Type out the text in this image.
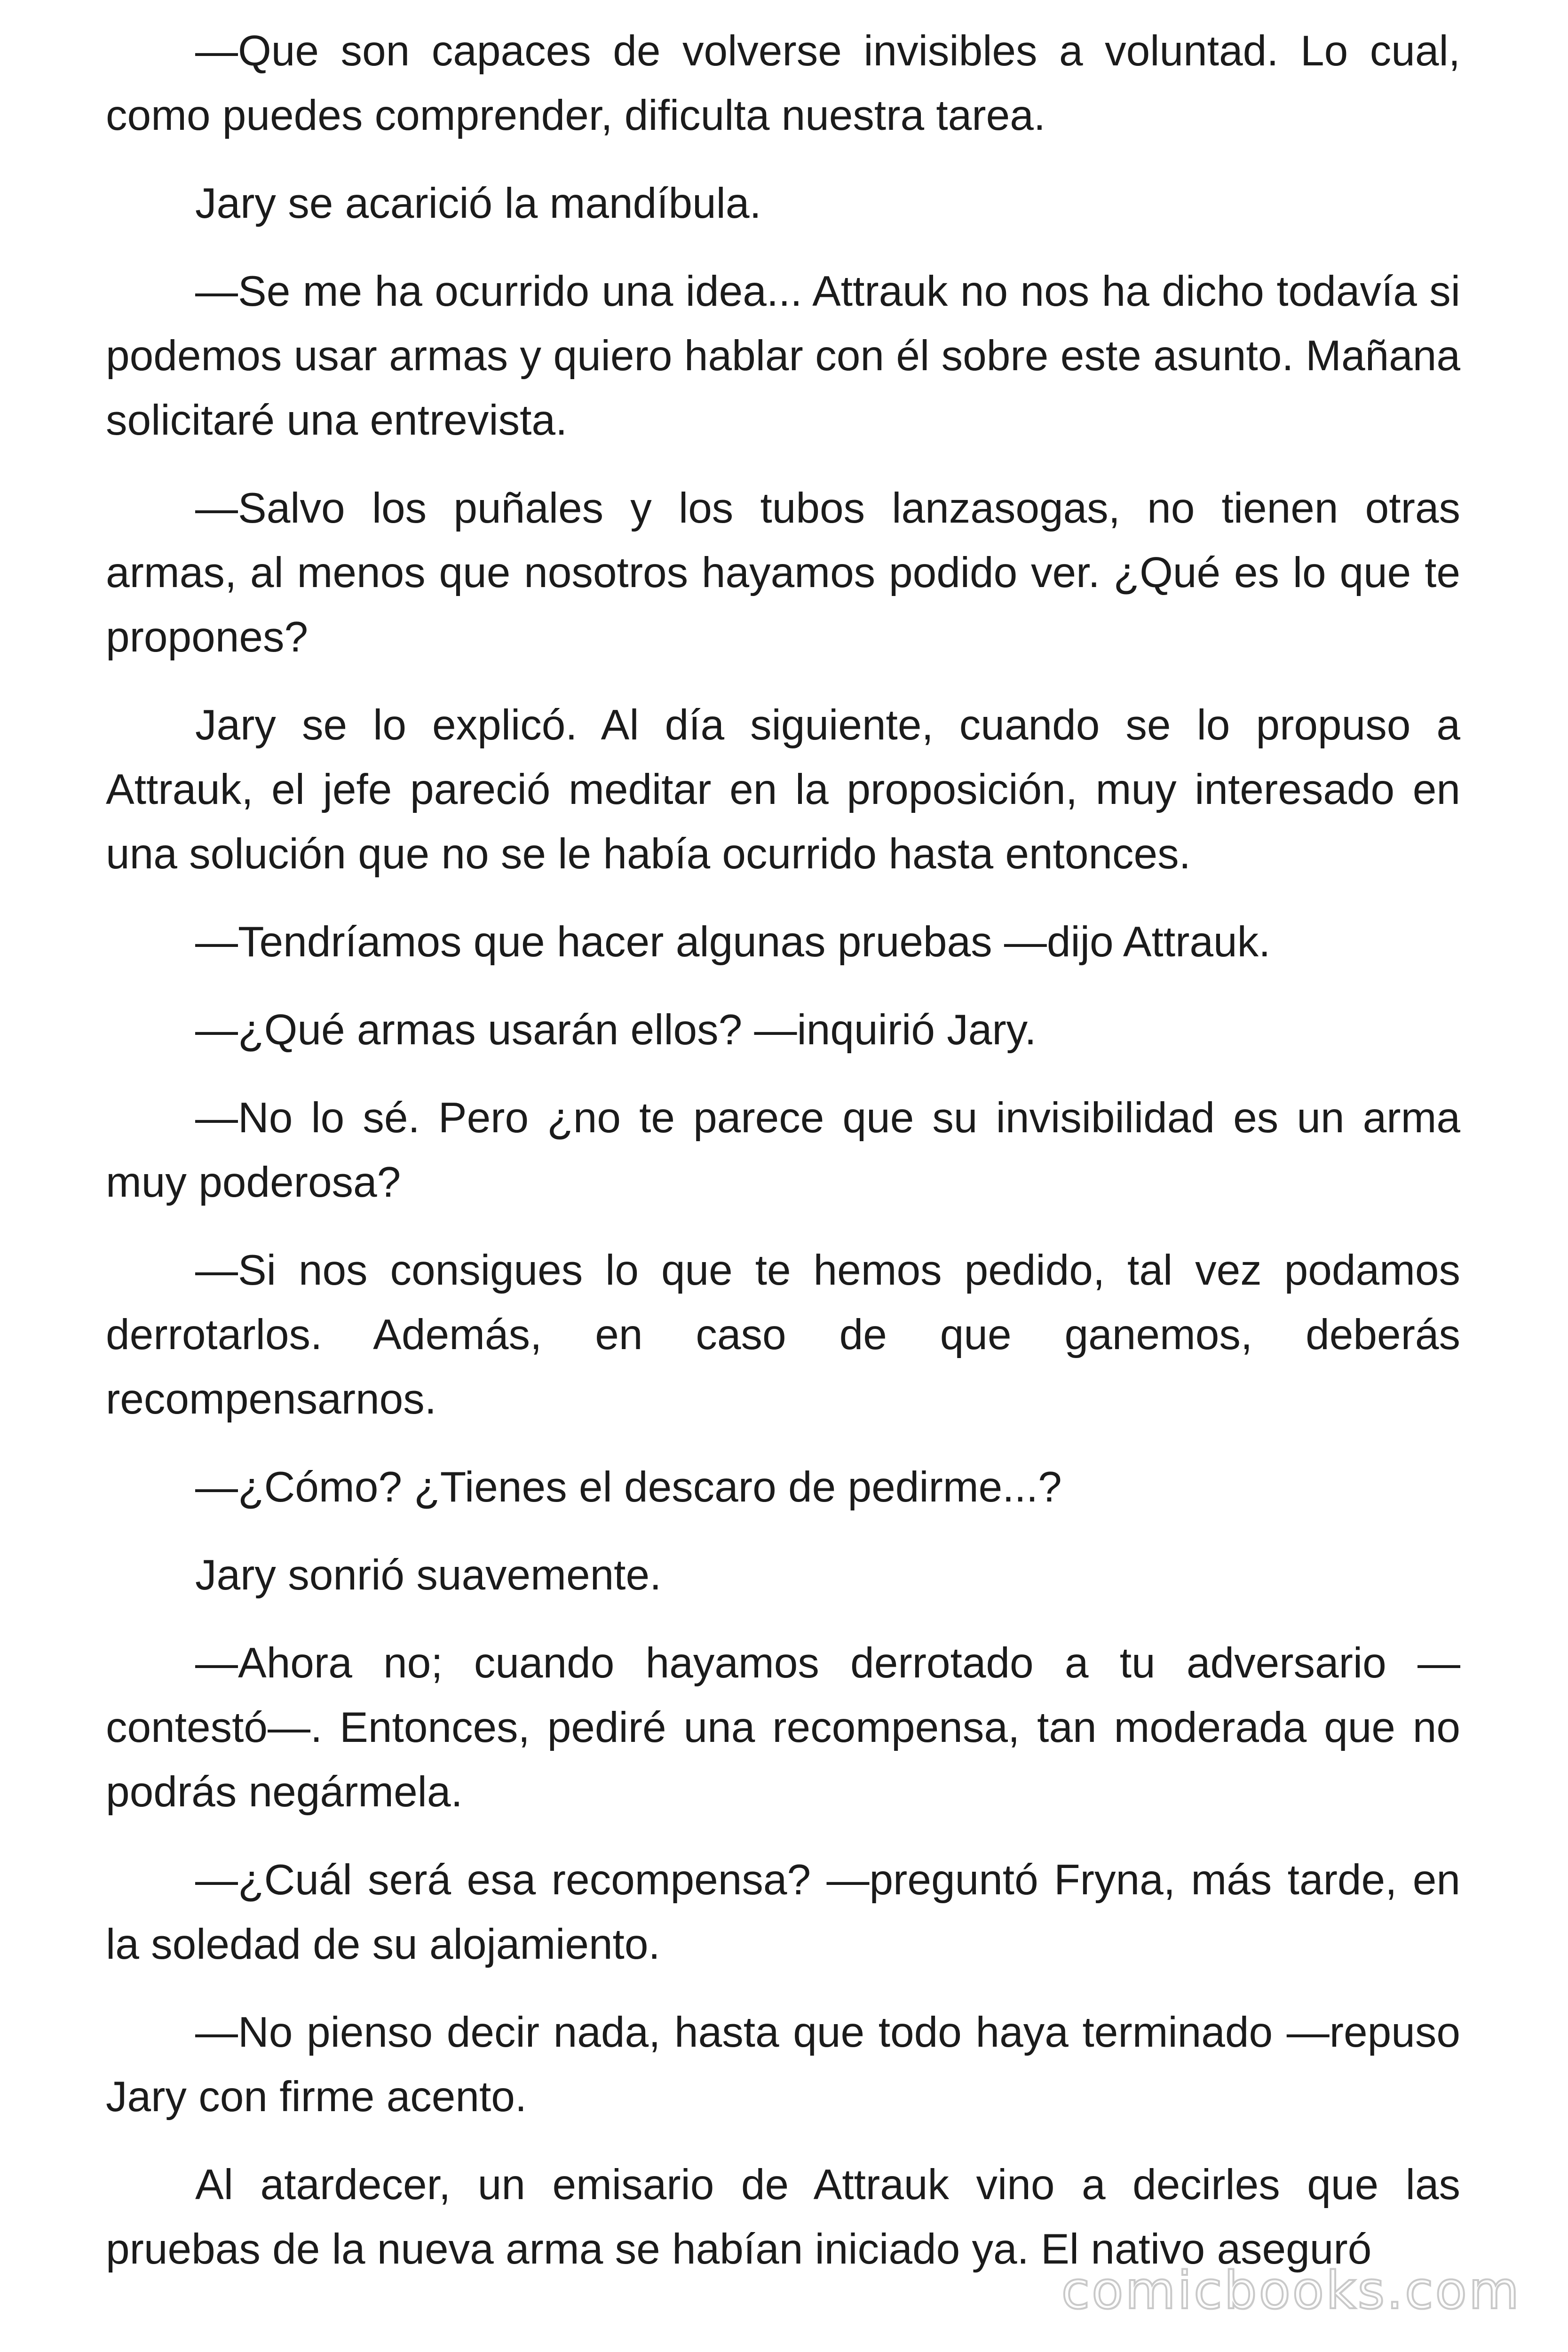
—Que son capaces de volverse invisibles a voluntad. Lo cual, como puedes comprender, dificulta nuestra tarea.

Jary se acarició la mandíbula.

—Se me ha ocurrido una idea... Attrauk no nos ha dicho todavía si podemos usar armas y quiero hablar con él sobre este asunto. Mañana solicitaré una entrevista.

—Salvo los puñales y los tubos lanzasogas, no tienen otras armas, al menos que nosotros hayamos podido ver. ¿Qué es lo que te propones?

Jary se lo explicó. Al día siguiente, cuando se lo propuso a Attrauk, el jefe pareció meditar en la proposición, muy interesado en una solución que no se le había ocurrido hasta entonces.

—Tendríamos que hacer algunas pruebas —dijo Attrauk.

—¿Qué armas usarán ellos? —inquirió Jary.

—No lo sé. Pero ¿no te parece que su invisibilidad es un arma muy poderosa?

—Si nos consigues lo que te hemos pedido, tal vez podamos derrotarlos. Además, en caso de que ganemos, deberás recompensarnos.

—¿Cómo? ¿Tienes el descaro de pedirme...?

Jary sonrió suavemente.

—Ahora no; cuando hayamos derrotado a tu adversario —contestó—. Entonces, pediré una recompensa, tan moderada que no podrás negármela.

—¿Cuál será esa recompensa? —preguntó Fryna, más tarde, en la soledad de su alojamiento.

—No pienso decir nada, hasta que todo haya terminado —repuso Jary con firme acento.

Al atardecer, un emisario de Attrauk vino a decirles que las pruebas de la nueva arma se habían iniciado ya. El nativo aseguró

comicbooks.com
